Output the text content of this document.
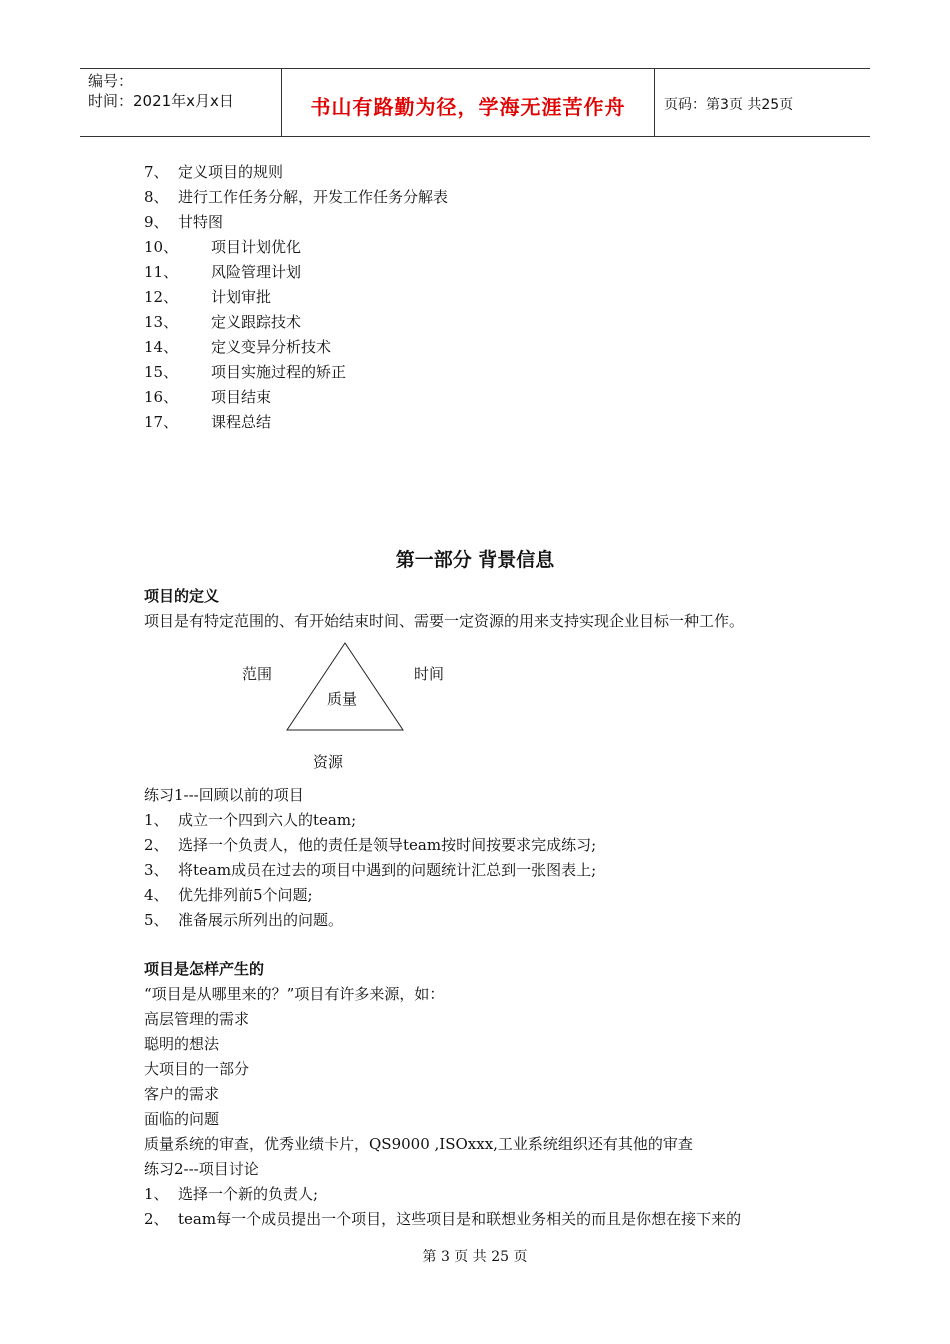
编号：
时间：2021年x月x日	书山有路勤为径，学海无涯苦作舟	页码：第3页 共25页
7、 定义项目的规则
8、 进行工作任务分解，开发工作任务分解表
9、 甘特图
10、 项目计划优化
11、 风险管理计划
12、 计划审批
13、 定义跟踪技术
14、 定义变异分析技术
15、 项目实施过程的矫正
16、 项目结束
17、 课程总结
第一部分 背景信息
项目的定义
项目是有特定范围的、有开始结束时间、需要一定资源的用来支持实现企业目标一种工作。
范围	时间
质量
资源
练习1---回顾以前的项目
1、 成立一个四到六人的team;
2、 选择一个负责人，他的责任是领导team按时间按要求完成练习;
3、 将team成员在过去的项目中遇到的问题统计汇总到一张图表上;
4、 优先排列前5个问题;
5、 准备展示所列出的问题。
项目是怎样产生的
“项目是从哪里来的？”项目有许多来源，如：
高层管理的需求
聪明的想法
大项目的一部分
客户的需求
面临的问题
质量系统的审查，优秀业绩卡片，QS9000 ,ISOxxx,工业系统组织还有其他的审查
练习2---项目讨论
1、 选择一个新的负责人;
2、 team每一个成员提出一个项目，这些项目是和联想业务相关的而且是你想在接下来的
第 3 页 共 25 页
